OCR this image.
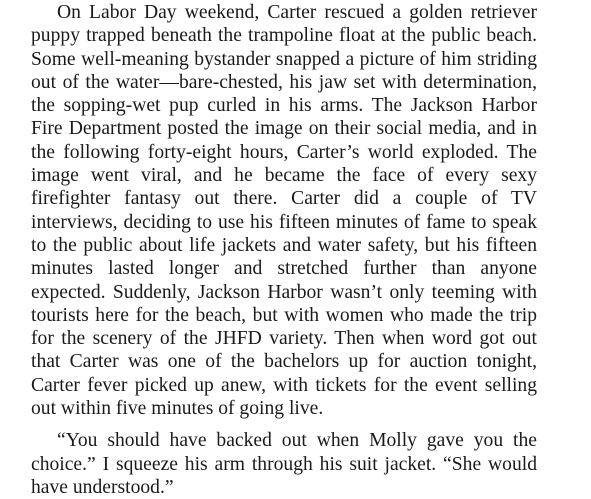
On Labor Day weekend, Carter rescued a golden retriever puppy trapped beneath the trampoline float at the public beach. Some well-meaning bystander snapped a picture of him striding out of the water—bare-chested, his jaw set with determination, the sopping-wet pup curled in his arms. The Jackson Harbor Fire Department posted the image on their social media, and in the following forty-eight hours, Carter’s world exploded. The image went viral, and he became the face of every sexy firefighter fantasy out there. Carter did a couple of TV interviews, deciding to use his fifteen minutes of fame to speak to the public about life jackets and water safety, but his fifteen minutes lasted longer and stretched further than anyone expected. Suddenly, Jackson Harbor wasn’t only teeming with tourists here for the beach, but with women who made the trip for the scenery of the JHFD variety. Then when word got out that Carter was one of the bachelors up for auction tonight, Carter fever picked up anew, with tickets for the event selling out within five minutes of going live.

“You should have backed out when Molly gave you the choice.” I squeeze his arm through his suit jacket. “She would have understood.”
